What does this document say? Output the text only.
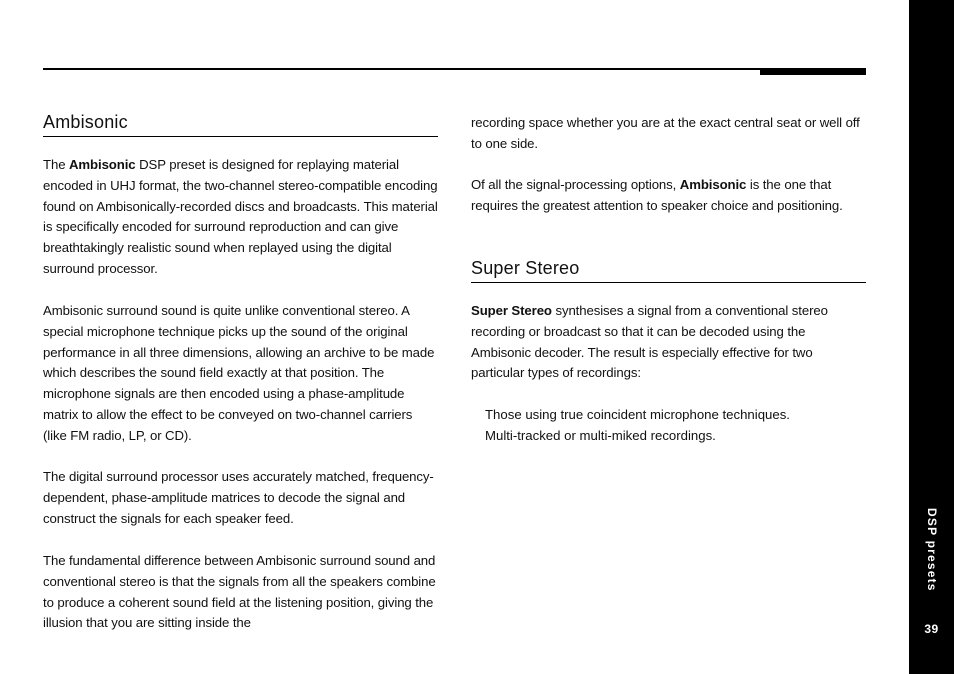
Ambisonic

The Ambisonic DSP preset is designed for replaying material encoded in UHJ format, the two-channel stereo-compatible encoding found on Ambisonically-recorded discs and broadcasts. This material is specifically encoded for surround reproduction and can give breathtakingly realistic sound when replayed using the digital surround processor.

Ambisonic surround sound is quite unlike conventional stereo. A special microphone technique picks up the sound of the original performance in all three dimensions, allowing an archive to be made which describes the sound field exactly at that position. The microphone signals are then encoded using a phase-amplitude matrix to allow the effect to be conveyed on two-channel carriers (like FM radio, LP, or CD).

The digital surround processor uses accurately matched, frequency-dependent, phase-amplitude matrices to decode the signal and construct the signals for each speaker feed.

The fundamental difference between Ambisonic surround sound and conventional stereo is that the signals from all the speakers combine to produce a coherent sound field at the listening position, giving the illusion that you are sitting inside the

recording space whether you are at the exact central seat or well off to one side.

Of all the signal-processing options, Ambisonic is the one that requires the greatest attention to speaker choice and positioning.

Super Stereo

Super Stereo synthesises a signal from a conventional stereo recording or broadcast so that it can be decoded using the Ambisonic decoder. The result is especially effective for two particular types of recordings:

Those using true coincident microphone techniques.
Multi-tracked or multi-miked recordings.
DSP presets
39
